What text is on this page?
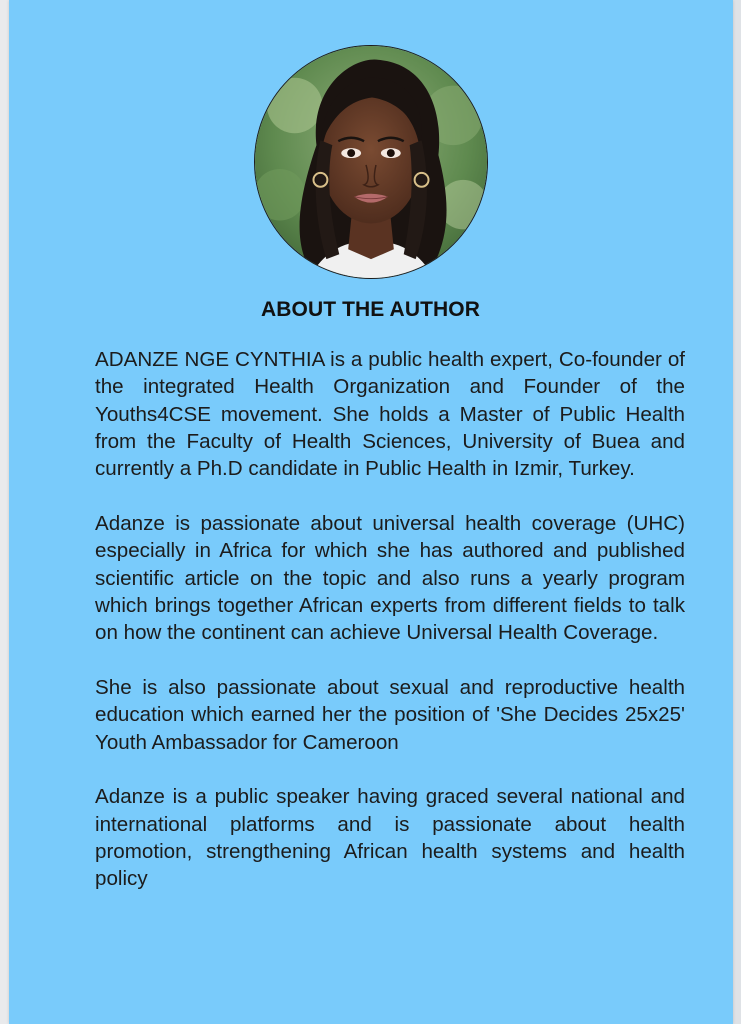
ABOUT THE AUTHOR

ADANZE NGE CYNTHIA is a public health expert, Co-founder of the integrated Health Organization and Founder of the Youths4CSE movement. She holds a Master of Public Health from the Faculty of Health Sciences, University of Buea and currently a Ph.D candidate in Public Health in Izmir, Turkey.

Adanze is passionate about universal health coverage (UHC) especially in Africa for which she has authored and published scientific article on the topic and also runs a yearly program which brings together African experts from different fields to talk on how the continent can achieve Universal Health Coverage.

She is also passionate about sexual and reproductive health education which earned her the position of 'She Decides 25x25' Youth Ambassador for Cameroon

Adanze is a public speaker having graced several national and international platforms and is passionate about health promotion, strengthening African health systems and health policy
